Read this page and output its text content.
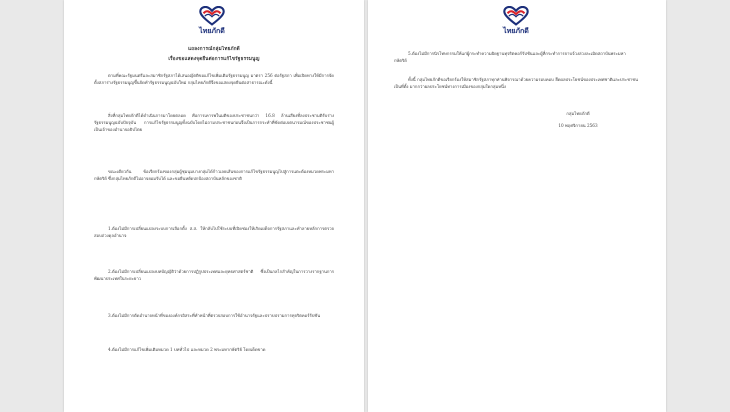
ไทยภักดี
แถลงการณ์กลุ่มไทยภักดี
เรื่องขอแสดงจุดยืนต่อการแก้ไขรัฐธรรมนูญ

ตามที่คณะรัฐมนตรีและสมาชิกรัฐสภาได้เสนอญัตติขอแก้ไขเพิ่มเติมรัฐธรรมนูญ มาตรา 256 ต่อรัฐสภา เพื่อเปิดทางให้มีการจัดตั้งสภาร่างรัฐธรรมนูญขึ้นจัดทำรัฐธรรมนูญฉบับใหม่ กลุ่มไทยภักดีจึงขอแสดงจุดยืนต่อสาธารณะดังนี้

สิ่งที่กลุ่มไทยภักดีได้ดำเนินการมาโดยตลอด คือการเคารพในมติของประชาชนกว่า 16.8 ล้านเสียงที่ลงประชามติรับร่างรัฐธรรมนูญฉบับปัจจุบัน การแก้ไขรัฐธรรมนูญทั้งฉบับโดยไม่ถามประชาชนก่อนจึงเป็นการกระทำที่ขัดต่อเจตนารมณ์ของประชาชนผู้เป็นเจ้าของอำนาจอธิปไตย

ขณะเดียวกัน ข้อเรียกร้องของกลุ่มผู้ชุมนุมบางกลุ่มได้ก้าวเลยเส้นของการแก้ไขรัฐธรรมนูญไปสู่การแตะต้องหมวดพระมหากษัตริย์ ซึ่งกลุ่มไทยภักดีไม่อาจยอมรับได้ และขอยืนหยัดปกป้องสถาบันหลักของชาติ

1.ต้องไม่มีการเปลี่ยนแปลงระบบการเลือกตั้ง ส.ส. ให้กลับไปใช้ระบบที่เปิดช่องให้เกิดเผด็จการรัฐสภาและทำลายหลักการตรวจสอบถ่วงดุลอำนาจ

2.ต้องไม่มีการเปลี่ยนแปลงบทบัญญัติว่าด้วยการปฏิรูปประเทศและยุทธศาสตร์ชาติ ซึ่งเป็นกลไกสำคัญในการวางรากฐานการพัฒนาประเทศในระยะยาว

3.ต้องไม่มีการตัดอำนาจหน้าที่ขององค์กรอิสระที่ทำหน้าที่ตรวจสอบการใช้อำนาจรัฐและปราบปรามการทุจริตคอร์รัปชัน

4.ต้องไม่มีการแก้ไขเพิ่มเติมหมวด 1 บททั่วไป และหมวด 2 พระมหากษัตริย์ โดยเด็ดขาด

ไทยภักดี

5.ต้องไม่มีการนิรโทษกรรมให้แก่ผู้กระทำความผิดฐานทุจริตคอร์รัปชันและผู้ที่กระทำการจาบจ้วงล่วงละเมิดสถาบันพระมหากษัตริย์

ทั้งนี้ กลุ่มไทยภักดีขอเรียกร้องให้สมาชิกรัฐสภาทุกท่านพิจารณาด้วยความรอบคอบ ยึดผลประโยชน์ของประเทศชาติและประชาชนเป็นที่ตั้ง มากกว่าผลประโยชน์ทางการเมืองของกลุ่มใดกลุ่มหนึ่ง

กลุ่มไทยภักดี
10 พฤศจิกายน 2563
